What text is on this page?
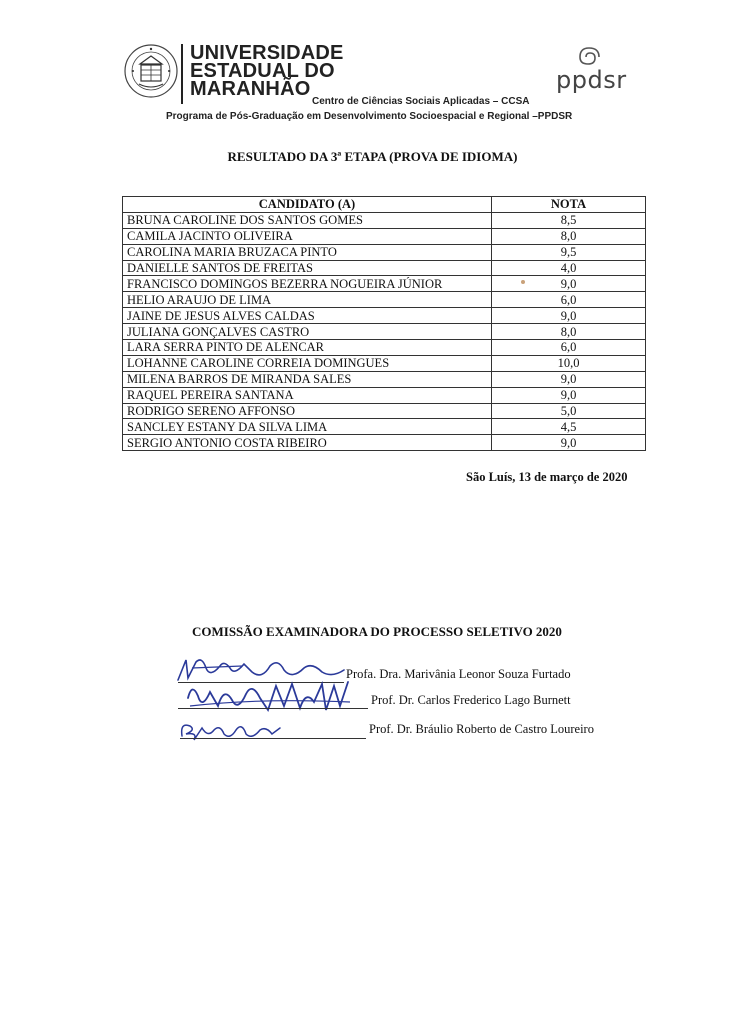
UNIVERSIDADE
ESTADUAL DO
MARANHÃO	ppdsr
Centro de Ciências Sociais Aplicadas – CCSA
Programa de Pós-Graduação em Desenvolvimento Socioespacial e Regional –PPDSR
RESULTADO DA 3ª ETAPA (PROVA DE IDIOMA)
CANDIDATO (A)	NOTA
BRUNA CAROLINE DOS SANTOS GOMES	8,5
CAMILA JACINTO OLIVEIRA	8,0
CAROLINA MARIA BRUZACA PINTO	9,5
DANIELLE SANTOS DE FREITAS	4,0
FRANCISCO DOMINGOS BEZERRA NOGUEIRA JÚNIOR	9,0
HELIO ARAUJO DE LIMA	6,0
JAINE DE JESUS ALVES CALDAS	9,0
JULIANA GONÇALVES CASTRO	8,0
LARA SERRA PINTO DE ALENCAR	6,0
LOHANNE CAROLINE CORREIA DOMINGUES	10,0
MILENA BARROS DE MIRANDA SALES	9,0
RAQUEL PEREIRA SANTANA	9,0
RODRIGO SERENO AFFONSO	5,0
SANCLEY ESTANY DA SILVA LIMA	4,5
SERGIO ANTONIO COSTA RIBEIRO	9,0
São Luís, 13 de março de 2020
COMISSÃO EXAMINADORA DO PROCESSO SELETIVO 2020
Profa. Dra. Marivânia Leonor Souza Furtado
Prof. Dr. Carlos Frederico Lago Burnett
Prof. Dr. Bráulio Roberto de Castro Loureiro
